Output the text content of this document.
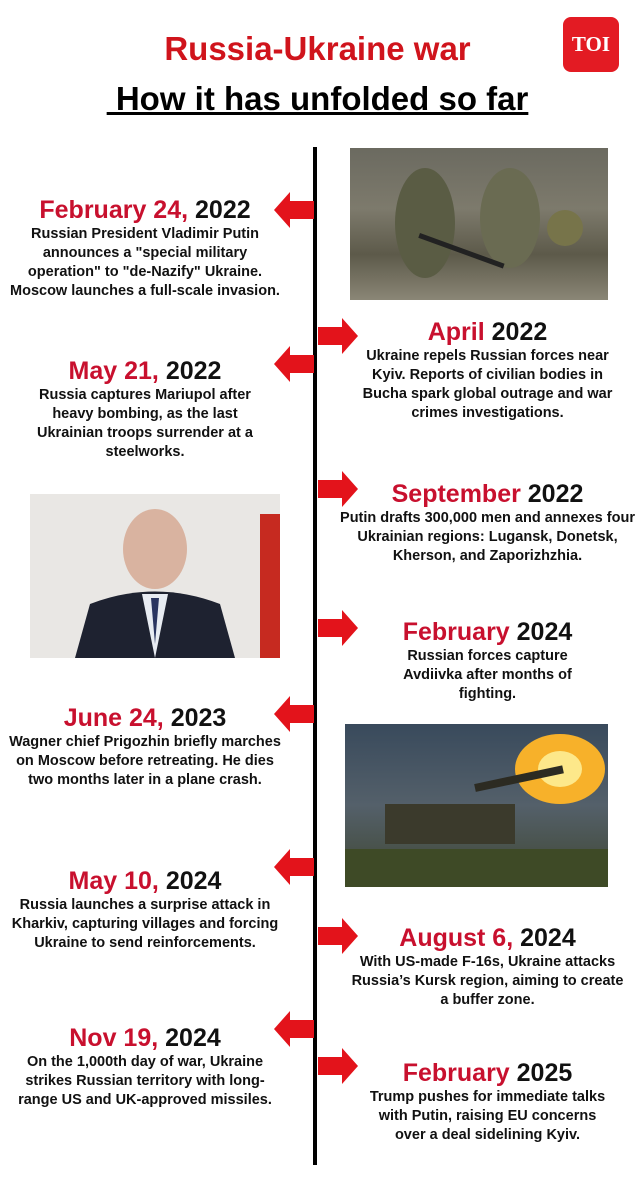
Russia-Ukraine war
How it has unfolded so far
TOI
February 24, 2022

Russian President Vladimir Putin announces a "special military operation" to "de-Nazify" Ukraine. Moscow launches a full-scale invasion.

May 21, 2022

Russia captures Mariupol after heavy bombing, as the last Ukrainian troops surrender at a steelworks.

June 24, 2023

Wagner chief Prigozhin briefly marches on Moscow before retreating. He dies two months later in a plane crash.

May 10, 2024

Russia launches a surprise attack in Kharkiv, capturing villages and forcing Ukraine to send reinforcements.

Nov 19, 2024

On the 1,000th day of war, Ukraine strikes Russian territory with long-range US and UK-approved missiles.

April 2022

Ukraine repels Russian forces near Kyiv. Reports of civilian bodies in Bucha spark global outrage and war crimes investigations.

September 2022

Putin drafts 300,000 men and annexes four Ukrainian regions: Lugansk, Donetsk, Kherson, and Zaporizhzhia.

February 2024

Russian forces capture Avdiivka after months of fighting.

August 6, 2024

With US-made F-16s, Ukraine attacks Russia’s Kursk region, aiming to create a buffer zone.

February 2025

Trump pushes for immediate talks with Putin, raising EU concerns over a deal sidelining Kyiv.
